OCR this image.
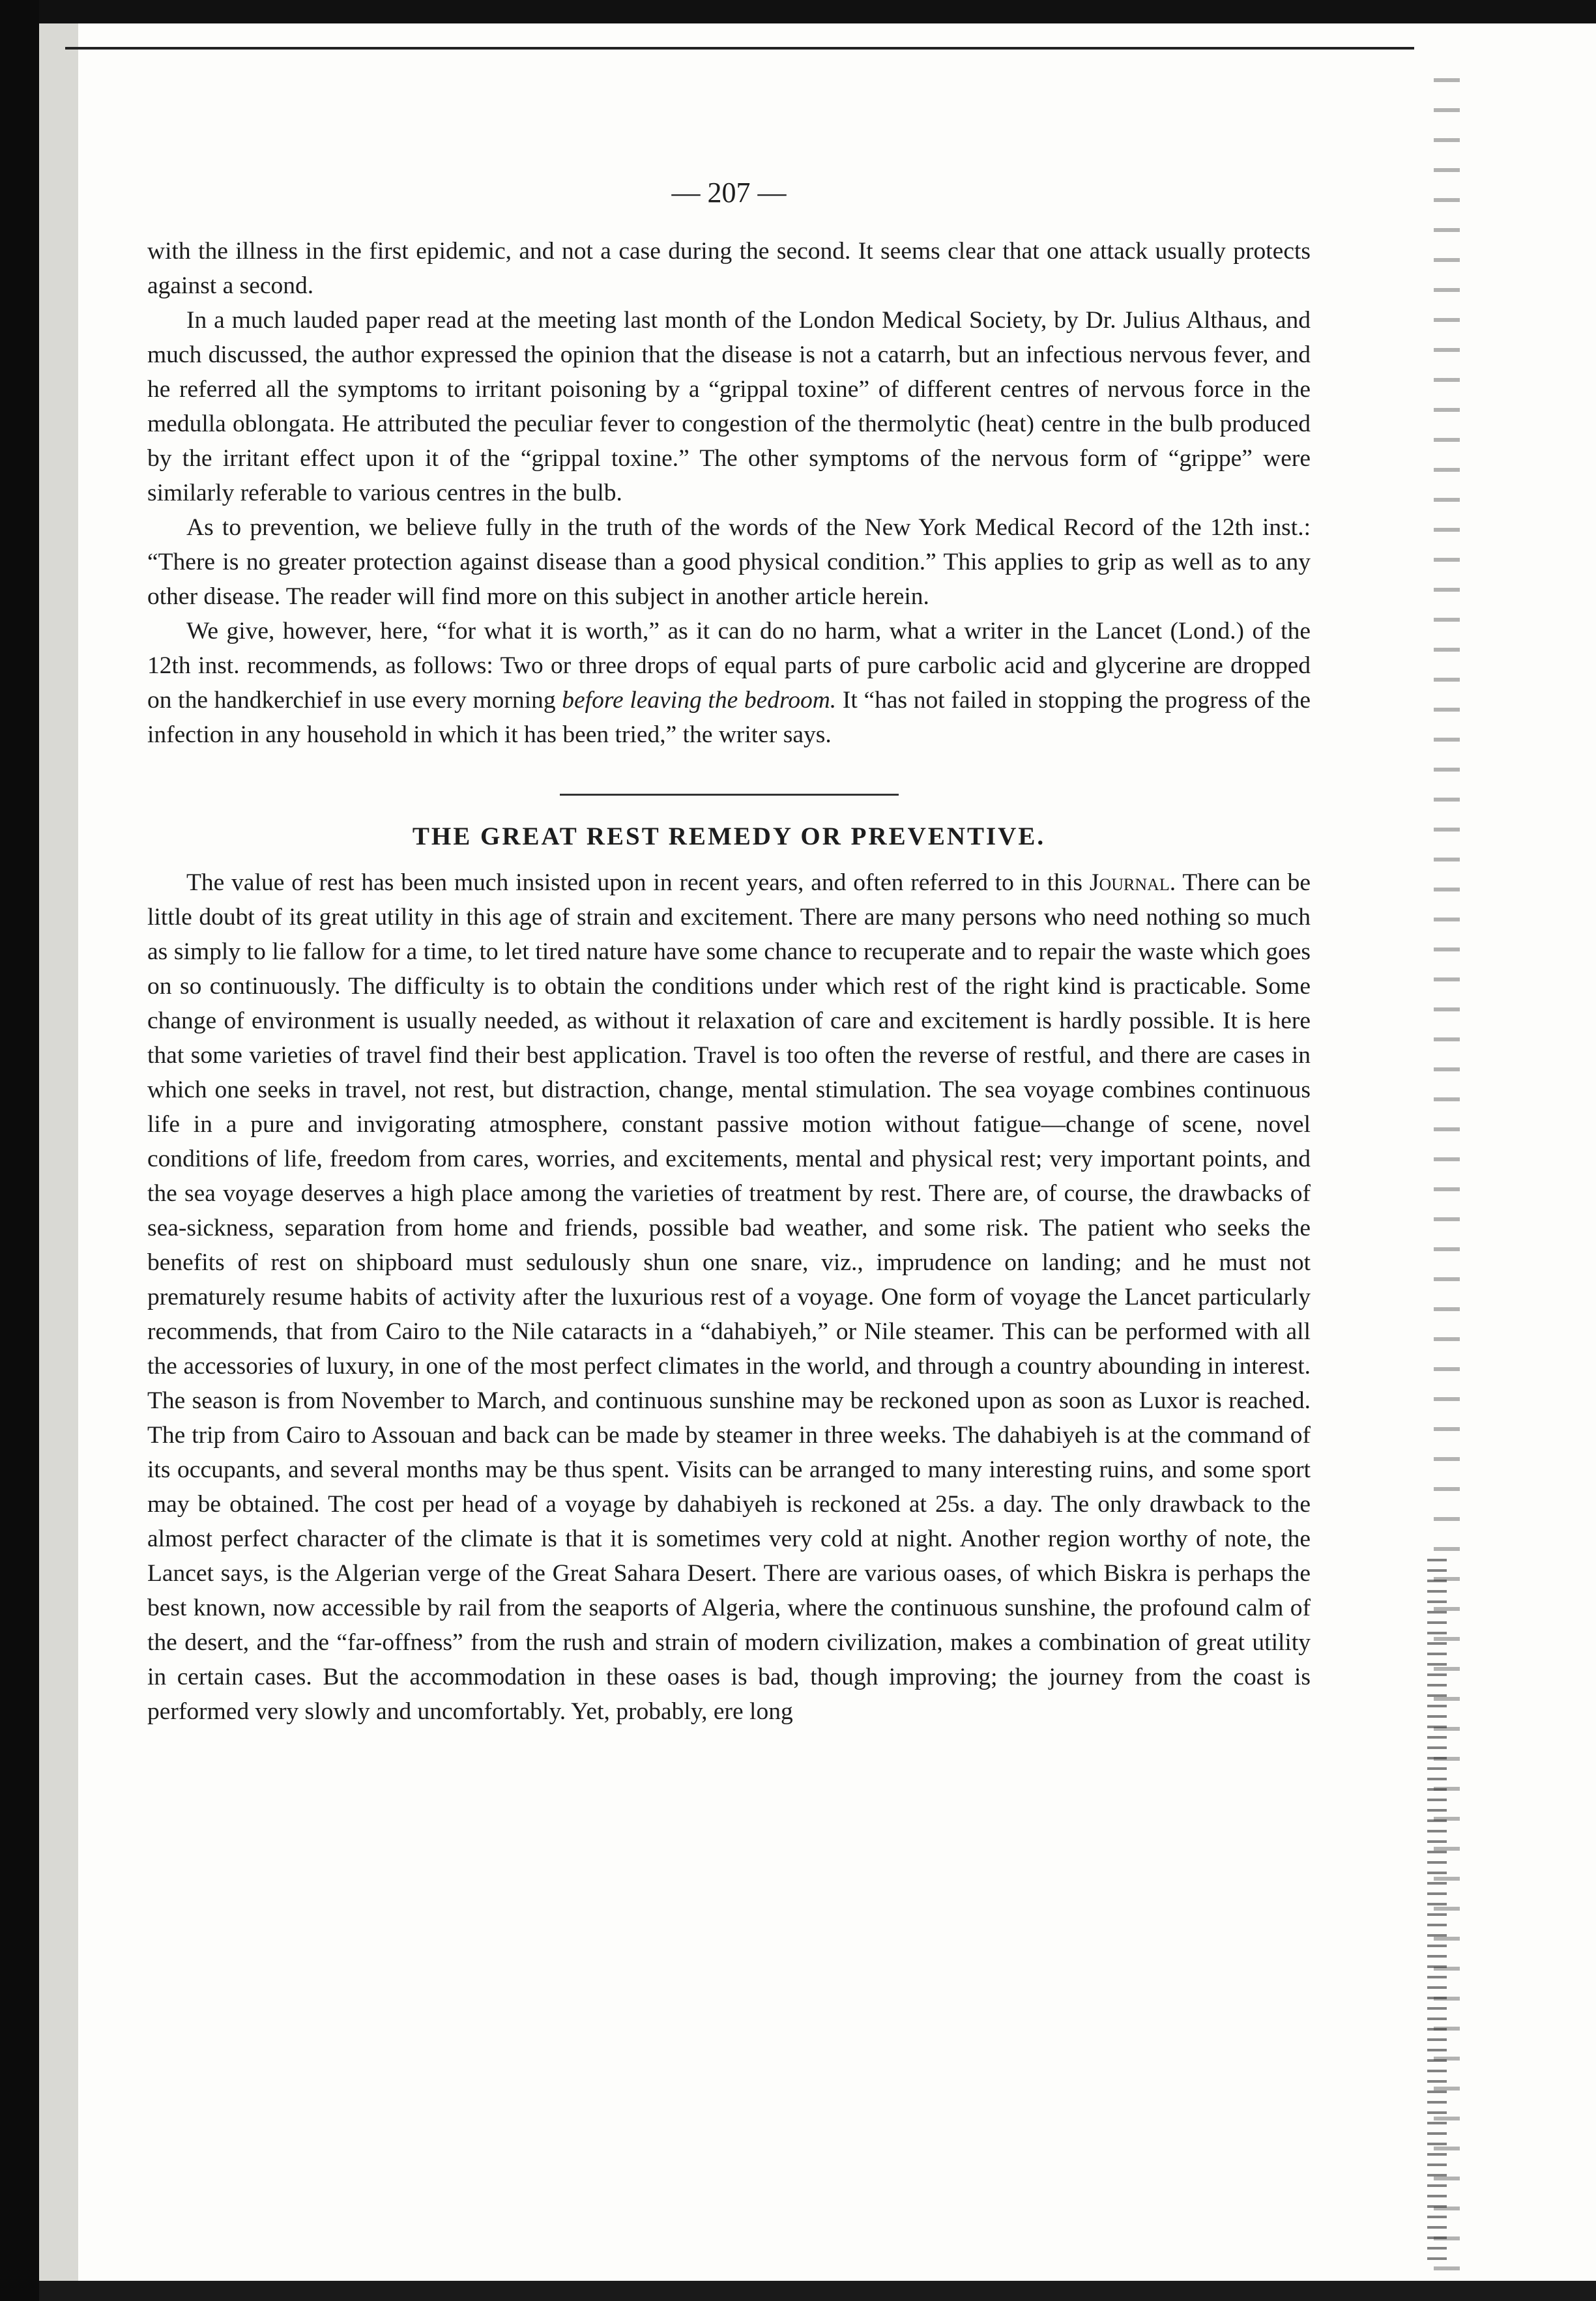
— 207 —

with the illness in the first epidemic, and not a case during the second. It seems clear that one attack usually protects against a second.

In a much lauded paper read at the meeting last month of the London Medical Society, by Dr. Julius Althaus, and much discussed, the author expressed the opinion that the disease is not a catarrh, but an infectious nervous fever, and he referred all the symptoms to irritant poisoning by a “grippal toxine” of different centres of nervous force in the medulla oblongata. He attributed the peculiar fever to congestion of the thermolytic (heat) centre in the bulb produced by the irritant effect upon it of the “grippal toxine.” The other symptoms of the nervous form of “grippe” were similarly referable to various centres in the bulb.

As to prevention, we believe fully in the truth of the words of the New York Medical Record of the 12th inst.: “There is no greater protection against disease than a good physical condition.” This applies to grip as well as to any other disease. The reader will find more on this subject in another article herein.

We give, however, here, “for what it is worth,” as it can do no harm, what a writer in the Lancet (Lond.) of the 12th inst. recommends, as follows: Two or three drops of equal parts of pure carbolic acid and glycerine are dropped on the handkerchief in use every morning before leaving the bedroom. It “has not failed in stopping the progress of the infection in any household in which it has been tried,” the writer says.

THE GREAT REST REMEDY OR PREVENTIVE.

The value of rest has been much insisted upon in recent years, and often referred to in this Journal. There can be little doubt of its great utility in this age of strain and excitement. There are many persons who need nothing so much as simply to lie fallow for a time, to let tired nature have some chance to recuperate and to repair the waste which goes on so continuously. The difficulty is to obtain the conditions under which rest of the right kind is practicable. Some change of environment is usually needed, as without it relaxation of care and excitement is hardly possible. It is here that some varieties of travel find their best application. Travel is too often the reverse of restful, and there are cases in which one seeks in travel, not rest, but distraction, change, mental stimulation. The sea voyage combines continuous life in a pure and invigorating atmosphere, constant passive motion without fatigue—change of scene, novel conditions of life, freedom from cares, worries, and excitements, mental and physical rest; very important points, and the sea voyage deserves a high place among the varieties of treatment by rest. There are, of course, the drawbacks of sea-sickness, separation from home and friends, possible bad weather, and some risk. The patient who seeks the benefits of rest on shipboard must sedulously shun one snare, viz., imprudence on landing; and he must not prematurely resume habits of activity after the luxurious rest of a voyage. One form of voyage the Lancet particularly recommends, that from Cairo to the Nile cataracts in a “dahabiyeh,” or Nile steamer. This can be performed with all the accessories of luxury, in one of the most perfect climates in the world, and through a country abounding in interest. The season is from November to March, and continuous sunshine may be reckoned upon as soon as Luxor is reached. The trip from Cairo to Assouan and back can be made by steamer in three weeks. The dahabiyeh is at the command of its occupants, and several months may be thus spent. Visits can be arranged to many interesting ruins, and some sport may be obtained. The cost per head of a voyage by dahabiyeh is reckoned at 25s. a day. The only drawback to the almost perfect character of the climate is that it is sometimes very cold at night. Another region worthy of note, the Lancet says, is the Algerian verge of the Great Sahara Desert. There are various oases, of which Biskra is perhaps the best known, now accessible by rail from the seaports of Algeria, where the continuous sunshine, the profound calm of the desert, and the “far-offness” from the rush and strain of modern civilization, makes a combination of great utility in certain cases. But the accommodation in these oases is bad, though improving; the journey from the coast is performed very slowly and uncomfortably. Yet, probably, ere long
